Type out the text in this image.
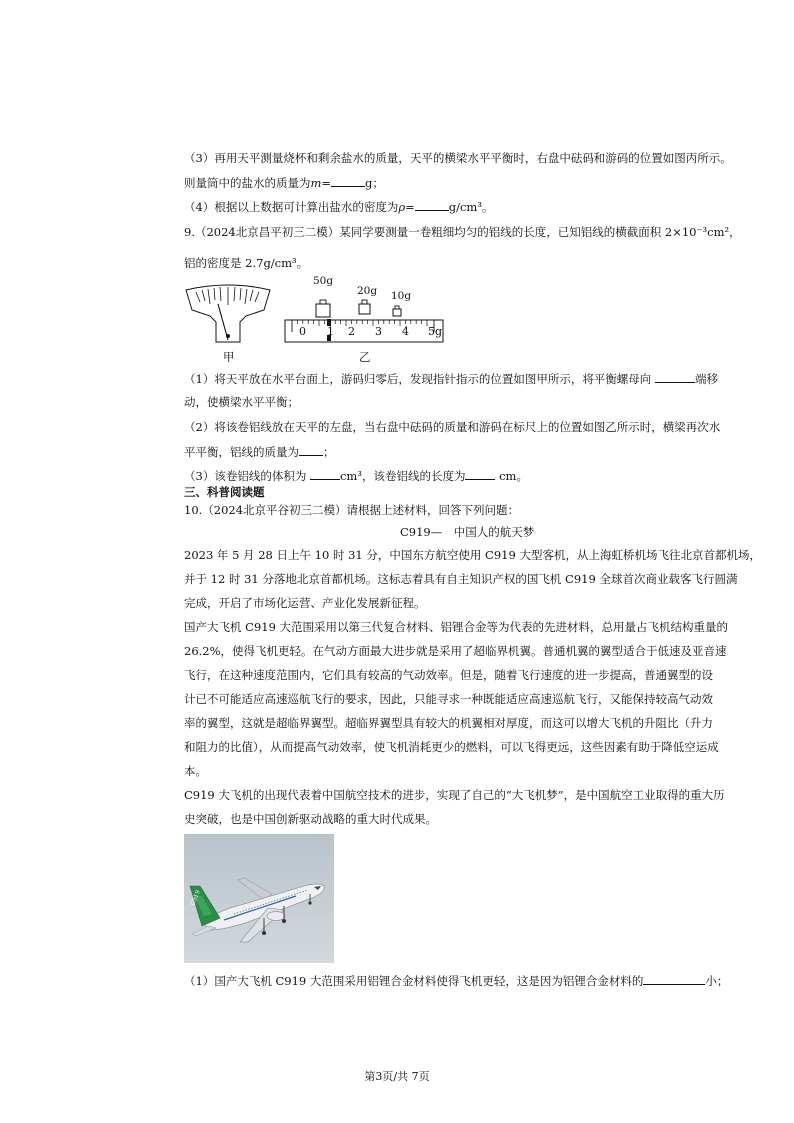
（3）再用天平测量烧杯和剩余盐水的质量，天平的横梁水平平衡时，右盘中砝码和游码的位置如图丙所示。
则量筒中的盐水的质量为m=	g；
（4）根据以上数据可计算出盐水的密度为ρ=	g/cm³。
9.（2024北京昌平初三二模）某同学要测量一卷粗细均匀的铝线的长度，已知铝线的横截面积 2×10⁻³cm²，
铝的密度是 2.7g/cm³。
甲
50g
20g 10g
0 1 2 3 4 5g
乙
（1）将天平放在水平台面上，游码归零后，发现指针指示的位置如图甲所示，将平衡螺母向	端移
动，使横梁水平平衡；
（2）将该卷铝线放在天平的左盘，当右盘中砝码的质量和游码在标尺上的位置如图乙所示时，横梁再次水
平平衡，铝线的质量为 ；
（3）该卷铝线的体积为	cm³，该卷铝线的长度为	cm。
三、科普阅读题
10.（2024北京平谷初三二模）请根据上述材料，回答下列问题：
C919—　中国人的航天梦
2023 年 5 月 28 日上午 10 时 31 分，中国东方航空使用 C919 大型客机，从上海虹桥机场飞往北京首都机场，
并于 12 时 31 分落地北京首都机场。这标志着具有自主知识产权的国飞机 C919 全球首次商业载客飞行圆满
完成，开启了市场化运营、产业化发展新征程。
国产大飞机 C919 大范围采用以第三代复合材料、铝锂合金等为代表的先进材料，总用量占飞机结构重量的
26.2%，使得飞机更轻。在气动方面最大进步就是采用了超临界机翼。普通机翼的翼型适合于低速及亚音速
飞行，在这种速度范围内，它们具有较高的气动效率。但是，随着飞行速度的进一步提高，普通翼型的设
计已不可能适应高速巡航飞行的要求，因此，只能寻求一种既能适应高速巡航飞行，又能保持较高气动效
率的翼型，这就是超临界翼型。超临界翼型具有较大的机翼相对厚度，而这可以增大飞机的升阻比（升力
和阻力的比值），从而提高气动效率，使飞机消耗更少的燃料，可以飞得更远，这些因素有助于降低空运成
本。
C919 大飞机的出现代表着中国航空技术的进步，实现了自己的“大飞机梦”，是中国航空工业取得的重大历
史突破，也是中国创新驱动战略的重大时代成果。
C919
（1）国产大飞机 C919 大范围采用铝锂合金材料使得飞机更轻，这是因为铝锂合金材料的	小；
第3页/共 7页
